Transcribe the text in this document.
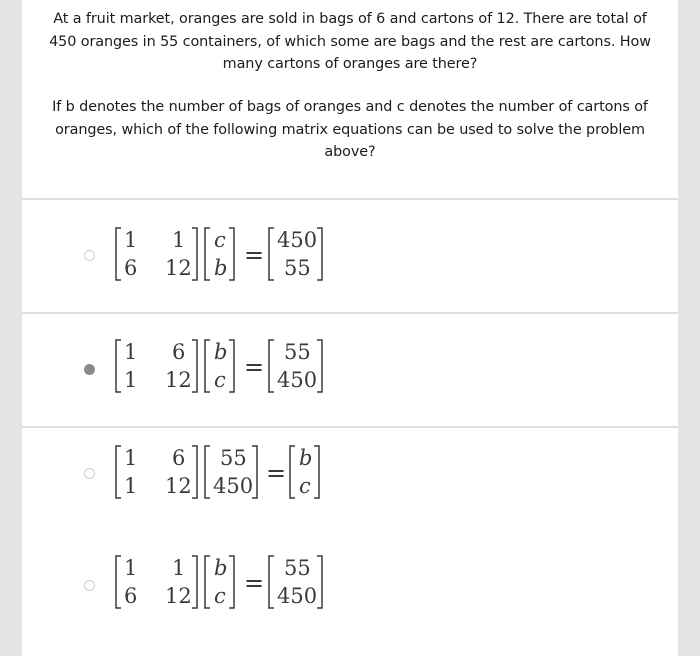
At a fruit market, oranges are sold in bags of 6 and cartons of 12. There are total of
450 oranges in 55 containers, of which some are bags and the rest are cartons. How
many cartons of oranges are there?
If b denotes the number of bags of oranges and c denotes the number of cartons of
oranges, which of the following matrix equations can be used to solve the problem
above?
1 1
6 12
c
b =
450
55
1 6
1 12
b
c =
55
450
1 6
1 12
55
450 =
b
c
1 1
6 12
b
c =
55
450
